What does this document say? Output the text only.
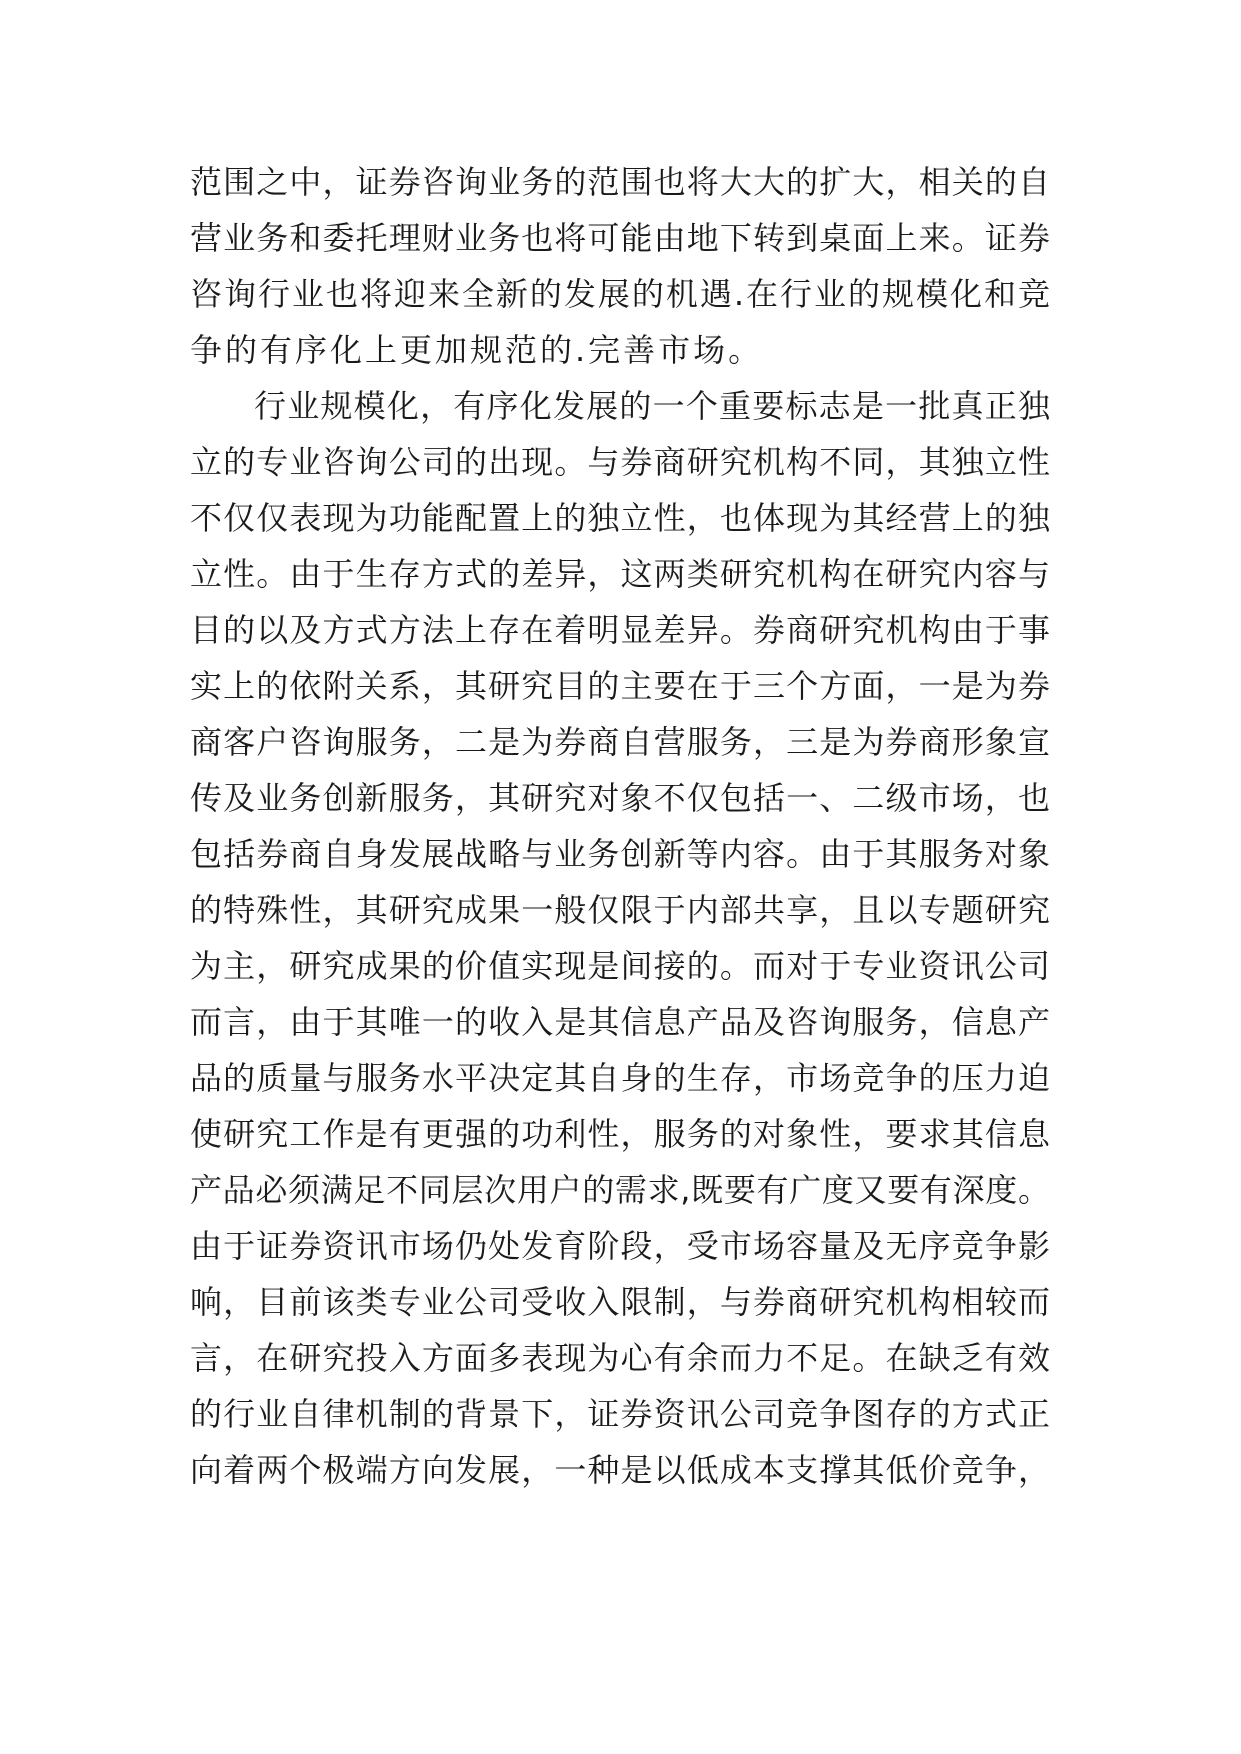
范围之中，证券咨询业务的范围也将大大的扩大，相关的自
营业务和委托理财业务也将可能由地下转到桌面上来。证券
咨询行业也将迎来全新的发展的机遇.在行业的规模化和竞
争的有序化上更加规范的.完善市场。
行业规模化，有序化发展的一个重要标志是一批真正独
立的专业咨询公司的出现。与券商研究机构不同，其独立性
不仅仅表现为功能配置上的独立性，也体现为其经营上的独
立性。由于生存方式的差异，这两类研究机构在研究内容与
目的以及方式方法上存在着明显差异。券商研究机构由于事
实上的依附关系，其研究目的主要在于三个方面，一是为券
商客户咨询服务，二是为券商自营服务，三是为券商形象宣
传及业务创新服务，其研究对象不仅包括一、二级市场，也
包括券商自身发展战略与业务创新等内容。由于其服务对象
的特殊性，其研究成果一般仅限于内部共享，且以专题研究
为主，研究成果的价值实现是间接的。而对于专业资讯公司
而言，由于其唯一的收入是其信息产品及咨询服务，信息产
品的质量与服务水平决定其自身的生存，市场竞争的压力迫
使研究工作是有更强的功利性，服务的对象性，要求其信息
产品必须满足不同层次用户的需求,既要有广度又要有深度。
由于证券资讯市场仍处发育阶段，受市场容量及无序竞争影
响，目前该类专业公司受收入限制，与券商研究机构相较而
言，在研究投入方面多表现为心有余而力不足。在缺乏有效
的行业自律机制的背景下，证券资讯公司竞争图存的方式正
向着两个极端方向发展，一种是以低成本支撑其低价竞争，
